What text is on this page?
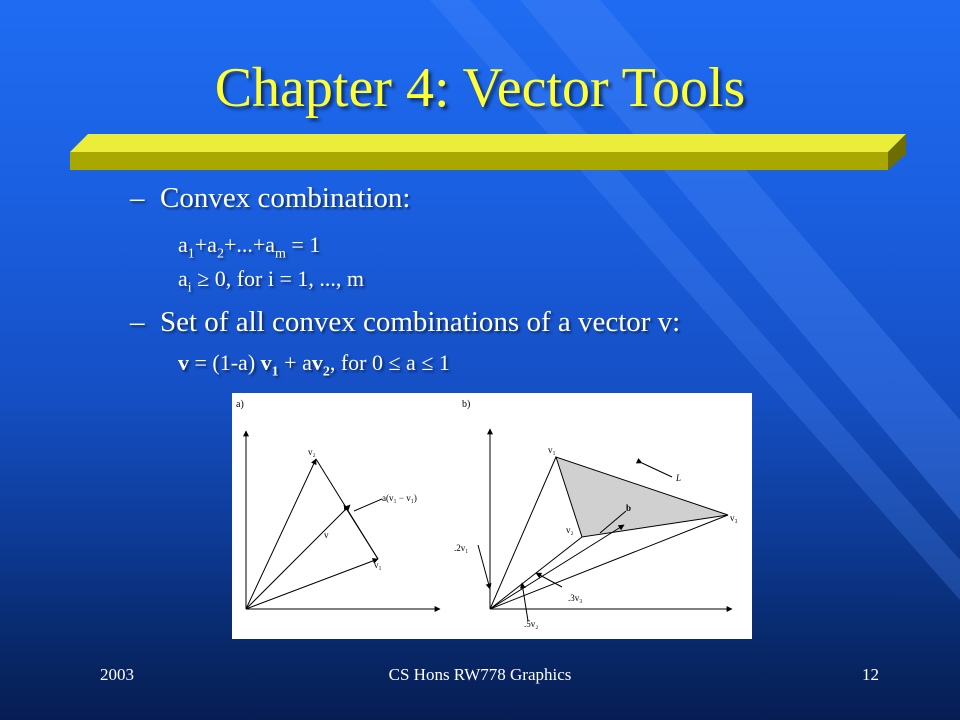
Chapter 4: Vector Tools
– Convex combination:
$a_1+a_2+...+a_m = 1$
$a_i \ge 0$, for i = 1, ..., m
– Set of all convex combinations of a vector v:
v = (1-a) $v_1 + av_2$, for 0 ≤ a ≤ 1
a)
v₂
v
v₁
a(v₁ − v₁)
b)
v₁
L
b
v₂
v₃
.2v₁
.3v₃
.5v₂
2003	CS Hons RW778 Graphics	12
